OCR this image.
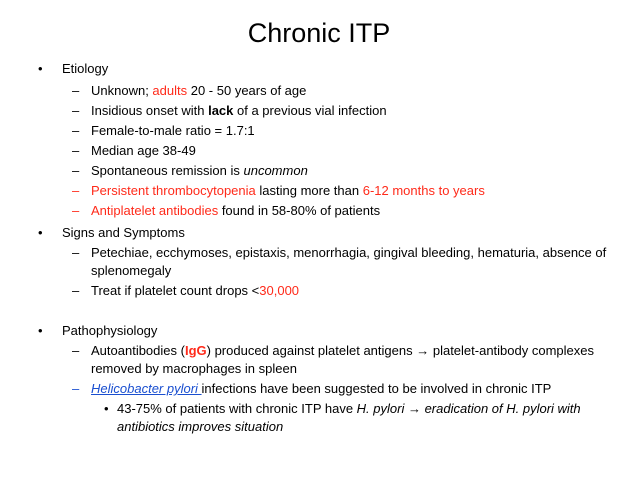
Chronic ITP
• Etiology
– Unknown; adults 20 - 50 years of age
– Insidious onset with lack of a previous vial infection
– Female-to-male ratio = 1.7:1
– Median age 38-49
– Spontaneous remission is uncommon
– Persistent thrombocytopenia lasting more than 6-12 months to years
– Antiplatelet antibodies found in 58-80% of patients
• Signs and Symptoms
– Petechiae, ecchymoses, epistaxis, menorrhagia, gingival bleeding, hematuria, absence of
splenomegaly
– Treat if platelet count drops <30,000
• Pathophysiology
– Autoantibodies (IgG) produced against platelet antigens → platelet-antibody complexes
removed by macrophages in spleen
– Helicobacter pylori infections have been suggested to be involved in chronic ITP
• 43-75% of patients with chronic ITP have H. pylori → eradication of H. pylori with
antibiotics improves situation
